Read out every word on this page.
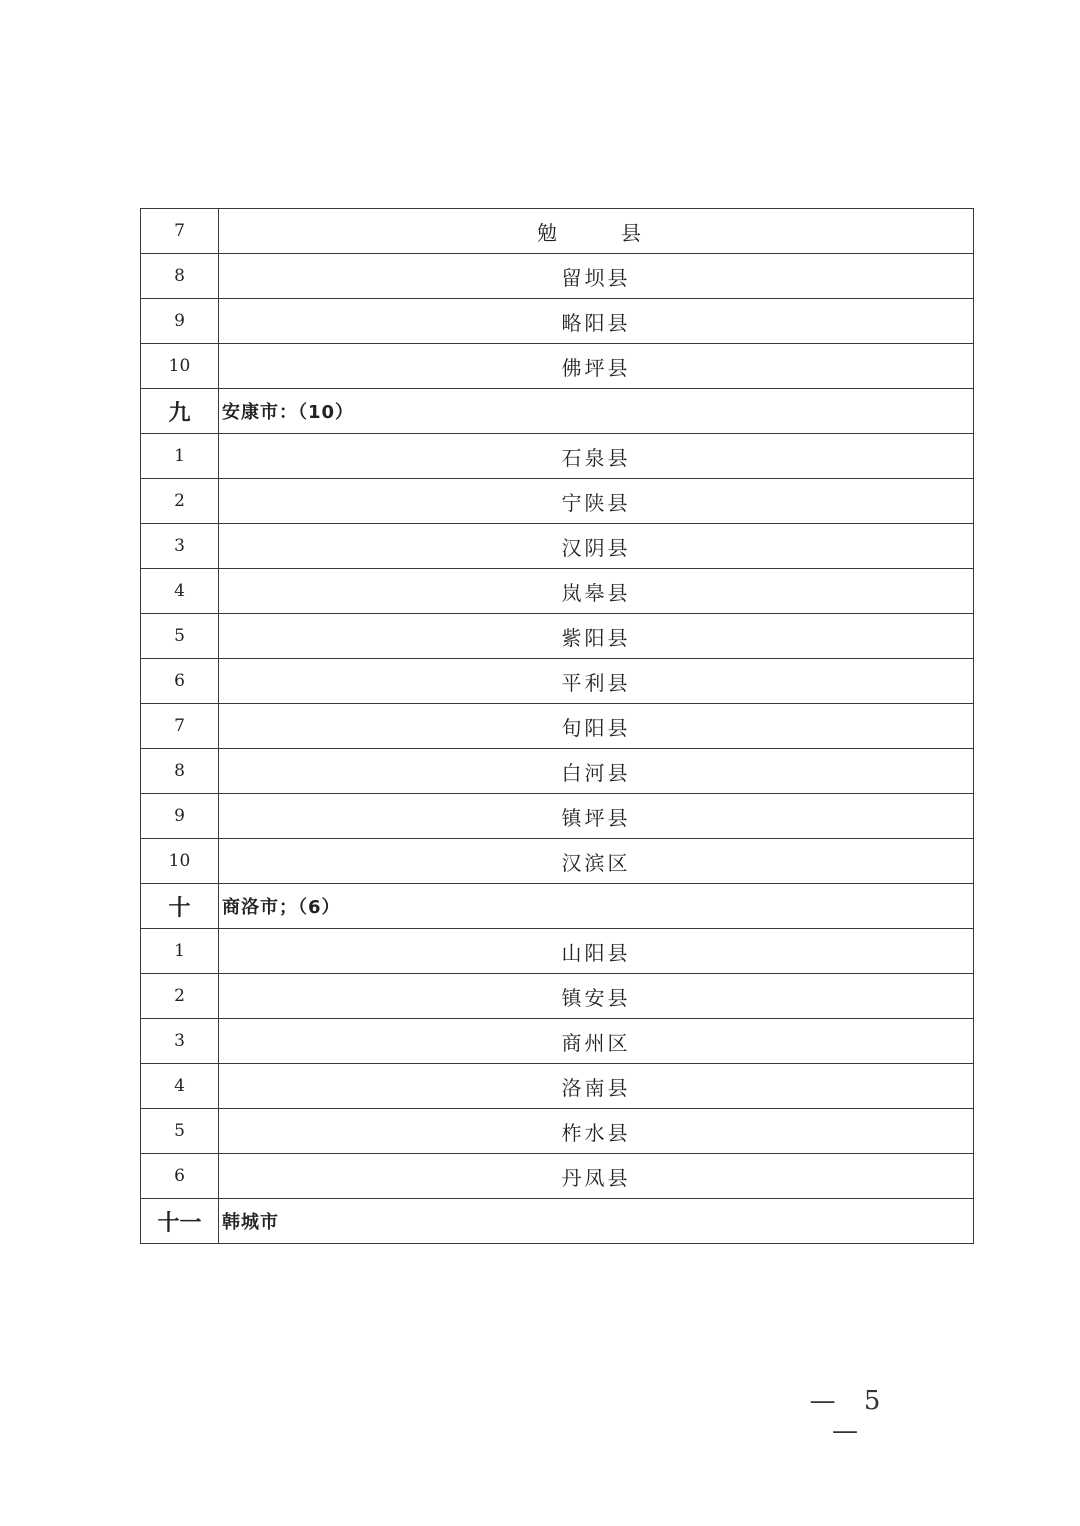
7	勉　县
8	留坝县
9	略阳县
10	佛坪县
九	安康市：（10）
1	石泉县
2	宁陕县
3	汉阴县
4	岚皋县
5	紫阳县
6	平利县
7	旬阳县
8	白河县
9	镇坪县
10	汉滨区
十	商洛市；（6）
1	山阳县
2	镇安县
3	商州区
4	洛南县
5	柞水县
6	丹凤县
十一	韩城市
— 5 —
